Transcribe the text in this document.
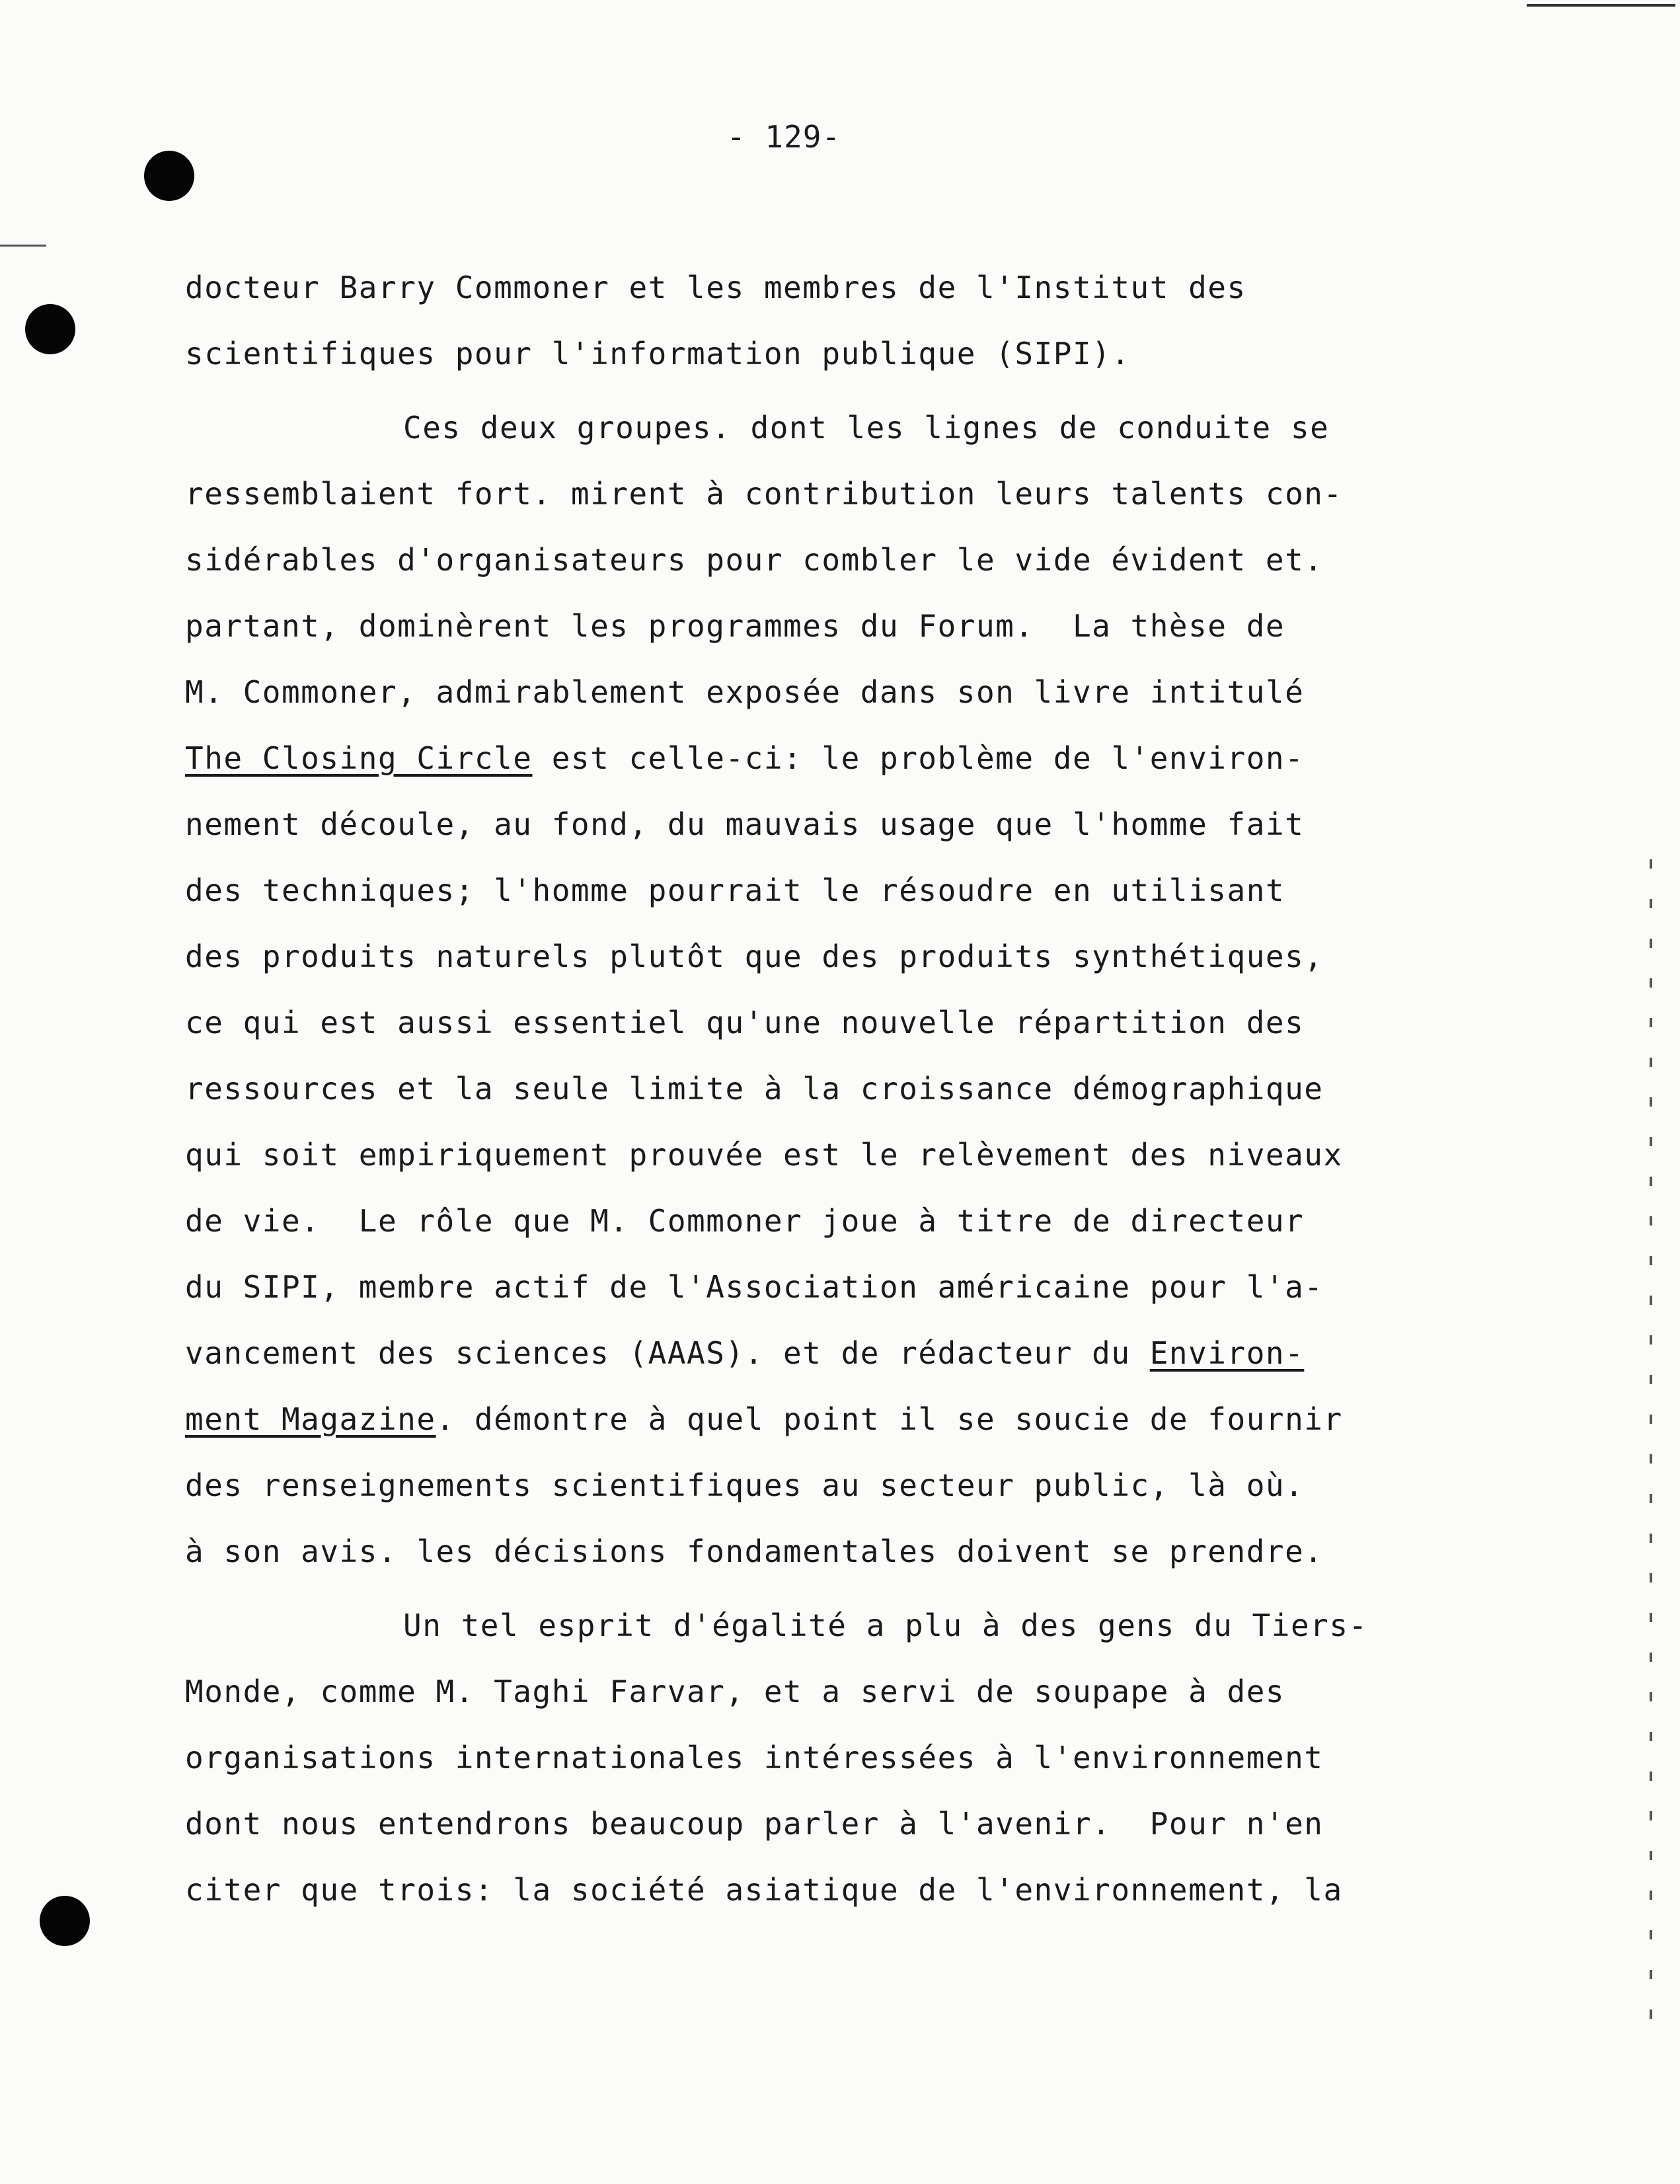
- 129-
docteur Barry Commoner et les membres de l'Institut des
scientifiques pour l'information publique (SIPI).
Ces deux groupes. dont les lignes de conduite se
ressemblaient fort. mirent à contribution leurs talents con-
sidérables d'organisateurs pour combler le vide évident et.
partant, dominèrent les programmes du Forum.  La thèse de
M. Commoner, admirablement exposée dans son livre intitulé
The Closing Circle est celle-ci: le problème de l'environ-
nement découle, au fond, du mauvais usage que l'homme fait
des techniques; l'homme pourrait le résoudre en utilisant
des produits naturels plutôt que des produits synthétiques,
ce qui est aussi essentiel qu'une nouvelle répartition des
ressources et la seule limite à la croissance démographique
qui soit empiriquement prouvée est le relèvement des niveaux
de vie.  Le rôle que M. Commoner joue à titre de directeur
du SIPI, membre actif de l'Association américaine pour l'a-
vancement des sciences (AAAS). et de rédacteur du Environ-
ment Magazine. démontre à quel point il se soucie de fournir
des renseignements scientifiques au secteur public, là où.
à son avis. les décisions fondamentales doivent se prendre.
Un tel esprit d'égalité a plu à des gens du Tiers-
Monde, comme M. Taghi Farvar, et a servi de soupape à des
organisations internationales intéressées à l'environnement
dont nous entendrons beaucoup parler à l'avenir.  Pour n'en
citer que trois: la société asiatique de l'environnement, la
